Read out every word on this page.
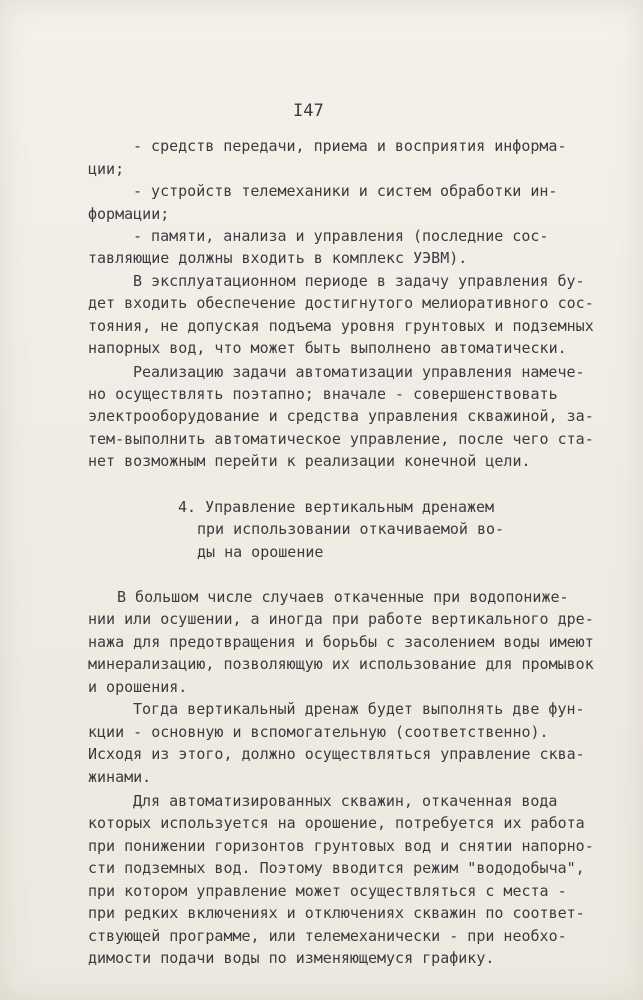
I47

- средств передачи, приема и восприятия информа-

ции;

- устройств телемеханики и систем обработки ин-

формации;

- памяти, анализа и управления (последние сос-

тавляющие должны входить в комплекс УЭВМ).

В эксплуатационном периоде в задачу управления бу-

дет входить обеспечение достигнутого мелиоративного сос-

тояния, не допуская подъема уровня грунтовых и подземных

напорных вод, что может быть выполнено автоматически.

Реализацию задачи автоматизации управления намече-

но осуществлять поэтапно; вначале - совершенствовать

электрооборудование и средства управления скважиной, за-

тем-выполнить автоматическое управление, после чего ста-

нет возможным перейти к реализации конечной цели.

4. Управление вертикальным дренажем

при использовании откачиваемой во-

ды на орошение

В большом числе случаев откаченные при водопониже-

нии или осушении, а иногда при работе вертикального дре-

нажа для предотвращения и борьбы с засолением воды имеют

минерализацию, позволяющую их использование для промывок

и орошения.

Тогда вертикальный дренаж будет выполнять две фун-

кции - основную и вспомогательную (соответственно).

Исходя из этого, должно осуществляться управление сква-

жинами.

Для автоматизированных скважин, откаченная вода

которых используется на орошение, потребуется их работа

при понижении горизонтов грунтовых вод и снятии напорно-

сти подземных вод. Поэтому вводится режим "вододобыча",

при котором управление может осуществляться с места -

при редких включениях и отключениях скважин по соответ-

ствующей программе, или телемеханически - при необхо-

димости подачи воды по изменяющемуся графику.
